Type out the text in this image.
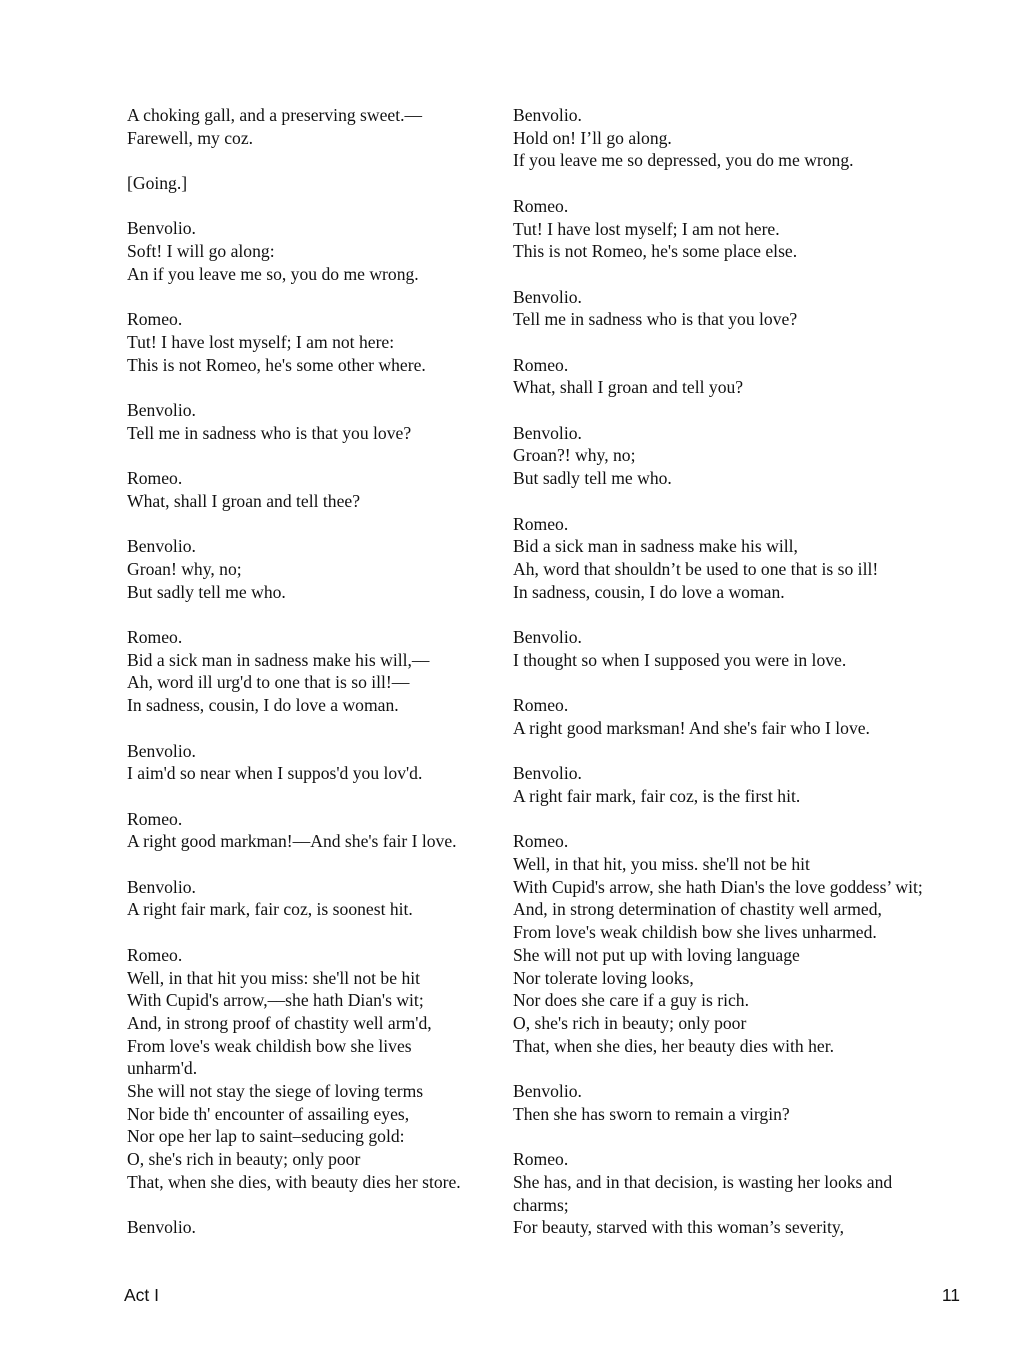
A choking gall, and a preserving sweet.––
Farewell, my coz.
[Going.]
Benvolio.
Soft! I will go along:
An if you leave me so, you do me wrong.
Romeo.
Tut! I have lost myself; I am not here:
This is not Romeo, he's some other where.
Benvolio.
Tell me in sadness who is that you love?
Romeo.
What, shall I groan and tell thee?
Benvolio.
Groan! why, no;
But sadly tell me who.
Romeo.
Bid a sick man in sadness make his will,––
Ah, word ill urg'd to one that is so ill!––
In sadness, cousin, I do love a woman.
Benvolio.
I aim'd so near when I suppos'd you lov'd.
Romeo.
A right good markman!––And she's fair I love.
Benvolio.
A right fair mark, fair coz, is soonest hit.
Romeo.
Well, in that hit you miss: she'll not be hit
With Cupid's arrow,––she hath Dian's wit;
And, in strong proof of chastity well arm'd,
From love's weak childish bow she lives
unharm'd.
She will not stay the siege of loving terms
Nor bide th' encounter of assailing eyes,
Nor ope her lap to saint–seducing gold:
O, she's rich in beauty; only poor
That, when she dies, with beauty dies her store.
Benvolio.
Benvolio.
Hold on! I’ll go along.
If you leave me so depressed, you do me wrong.
Romeo.
Tut! I have lost myself; I am not here.
This is not Romeo, he's some place else.
Benvolio.
Tell me in sadness who is that you love?
Romeo.
What, shall I groan and tell you?
Benvolio.
Groan?! why, no;
But sadly tell me who.
Romeo.
Bid a sick man in sadness make his will,
Ah, word that shouldn’t be used to one that is so ill!
In sadness, cousin, I do love a woman.
Benvolio.
I thought so when I supposed you were in love.
Romeo.
A right good marksman! And she's fair who I love.
Benvolio.
A right fair mark, fair coz, is the first hit.
Romeo.
Well, in that hit, you miss. she'll not be hit
With Cupid's arrow, she hath Dian's the love goddess’ wit;
And, in strong determination of chastity well armed,
From love's weak childish bow she lives unharmed.
She will not put up with loving language
Nor tolerate loving looks,
Nor does she care if a guy is rich.
O, she's rich in beauty; only poor
That, when she dies, her beauty dies with her.
Benvolio.
Then she has sworn to remain a virgin?
Romeo.
She has, and in that decision, is wasting her looks and
charms;
For beauty, starved with this woman’s severity,
Act I	11
